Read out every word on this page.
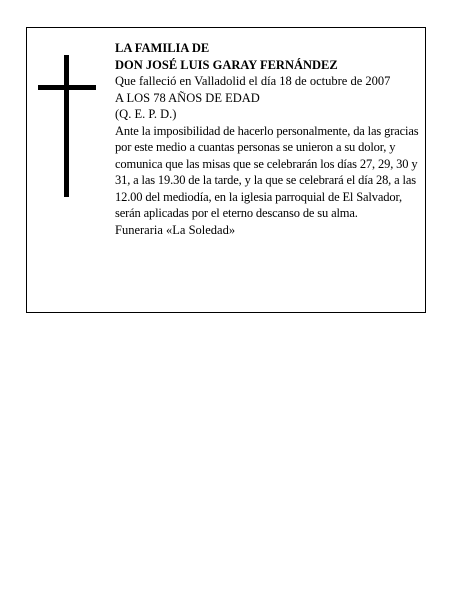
LA FAMILIA DE
DON JOSÉ LUIS GARAY FERNÁNDEZ
Que falleció en Valladolid el día 18 de octubre de 2007
A LOS 78 AÑOS DE EDAD
(Q. E. P. D.)
Ante la imposibilidad de hacerlo personalmente, da las gracias por este medio a cuantas personas se unieron a su dolor, y comunica que las misas que se celebrarán los días 27, 29, 30 y 31, a las 19.30 de la tarde, y la que se celebrará el día 28, a las 12.00 del mediodía, en la iglesia parroquial de El Salvador, serán aplicadas por el eterno descanso de su alma.
Funeraria «La Soledad»
